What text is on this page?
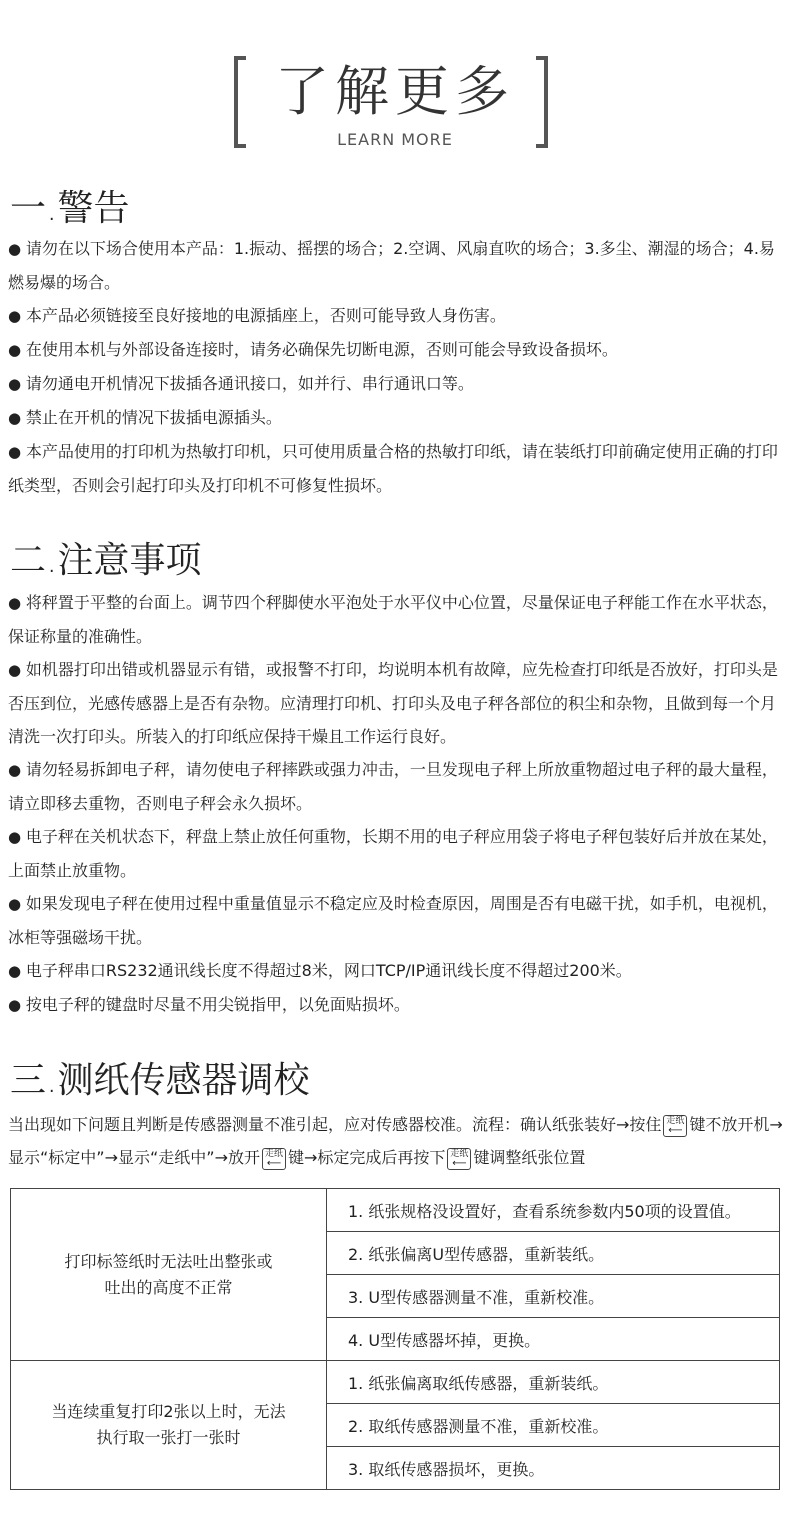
了解更多
LEARN MORE
一.警告

● 请勿在以下场合使用本产品：1.振动、摇摆的场合；2.空调、风扇直吹的场合；3.多尘、潮湿的场合；4.易燃易爆的场合。

● 本产品必须链接至良好接地的电源插座上，否则可能导致人身伤害。

● 在使用本机与外部设备连接时，请务必确保先切断电源，否则可能会导致设备损坏。

● 请勿通电开机情况下拔插各通讯接口，如并行、串行通讯口等。

● 禁止在开机的情况下拔插电源插头。

● 本产品使用的打印机为热敏打印机，只可使用质量合格的热敏打印纸，请在装纸打印前确定使用正确的打印纸类型，否则会引起打印头及打印机不可修复性损坏。

二.注意事项

● 将秤置于平整的台面上。调节四个秤脚使水平泡处于水平仪中心位置，尽量保证电子秤能工作在水平状态，保证称量的准确性。

● 如机器打印出错或机器显示有错，或报警不打印，均说明本机有故障，应先检查打印纸是否放好，打印头是否压到位，光感传感器上是否有杂物。应清理打印机、打印头及电子秤各部位的积尘和杂物，且做到每一个月清洗一次打印头。所装入的打印纸应保持干燥且工作运行良好。

● 请勿轻易拆卸电子秤，请勿使电子秤摔跌或强力冲击，一旦发现电子秤上所放重物超过电子秤的最大量程，请立即移去重物，否则电子秤会永久损坏。

● 电子秤在关机状态下，秤盘上禁止放任何重物，长期不用的电子秤应用袋子将电子秤包装好后并放在某处，上面禁止放重物。

● 如果发现电子秤在使用过程中重量值显示不稳定应及时检查原因，周围是否有电磁干扰，如手机，电视机，冰柜等强磁场干扰。

● 电子秤串口RS232通讯线长度不得超过8米，网口TCP/IP通讯线长度不得超过200米。

● 按电子秤的键盘时尽量不用尖锐指甲，以免面贴损坏。

三.测纸传感器调校
当出现如下问题且判断是传感器测量不准引起，应对传感器校准。流程：确认纸张装好→按住 走纸
⟵ 键不放开机→显示“标定中”→显示“走纸中”→放开 走纸
⟵ 键→标定完成后再按下 走纸
⟵ 键调整纸张位置
打印标签纸时无法吐出整张或
吐出的高度不正常	1. 纸张规格没设置好，查看系统参数内50项的设置值。
	2. 纸张偏离U型传感器，重新装纸。
	3. U型传感器测量不准，重新校准。
	4. U型传感器坏掉，更换。
当连续重复打印2张以上时，无法
执行取一张打一张时	1. 纸张偏离取纸传感器，重新装纸。
	2. 取纸传感器测量不准，重新校准。
	3. 取纸传感器损坏，更换。
